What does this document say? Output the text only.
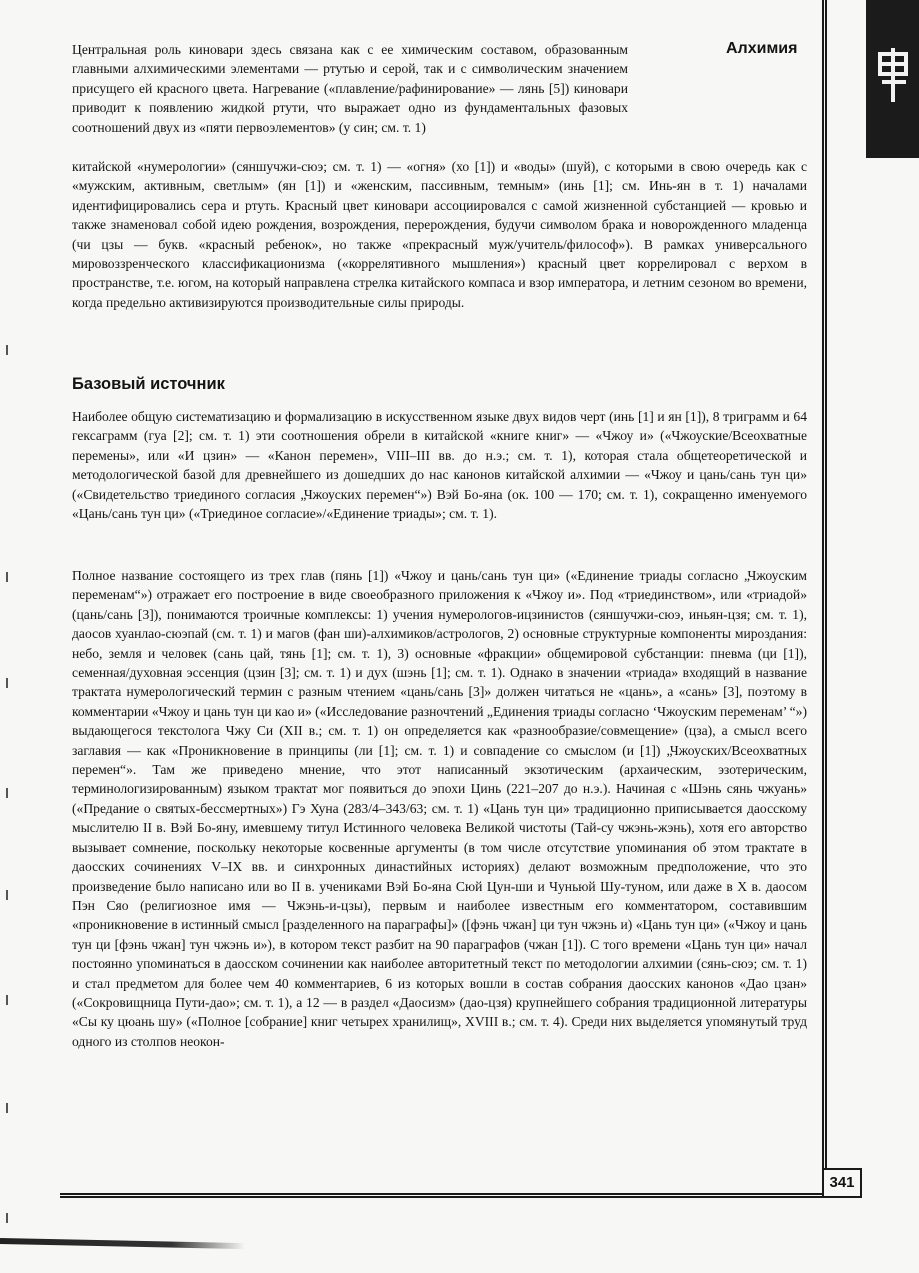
Алхимия

Центральная роль киновари здесь связана как с ее химическим составом, образованным главными алхимическими элементами — ртутью и серой, так и с символическим значением присущего ей красного цвета. Нагревание («плавление/рафинирование» — лянь [5]) киновари приводит к появлению жидкой ртути, что выражает одно из фундаментальных фазовых соотношений двух из «пяти первоэлементов» (у син; см. т. 1)

китайской «нумерологии» (сяншучжи-сюэ; см. т. 1) — «огня» (хо [1]) и «воды» (шуй), с которыми в свою очередь как с «мужским, активным, светлым» (ян [1]) и «женским, пассивным, темным» (инь [1]; см. Инь-ян в т. 1) началами идентифицировались сера и ртуть. Красный цвет киновари ассоциировался с самой жизненной субстанцией — кровью и также знаменовал собой идею рождения, возрождения, перерождения, будучи символом брака и новорожденного младенца (чи цзы — букв. «красный ребенок», но также «прекрасный муж/учитель/философ»). В рамках универсального мировоззренческого классификационизма («коррелятивного мышления») красный цвет коррелировал с верхом в пространстве, т.е. югом, на который направлена стрелка китайского компаса и взор императора, и летним сезоном во времени, когда предельно активизируются производительные силы природы.

Базовый источник

Наиболее общую систематизацию и формализацию в искусственном языке двух видов черт (инь [1] и ян [1]), 8 триграмм и 64 гексаграмм (гуа [2]; см. т. 1) эти соотношения обрели в китайской «книге книг» — «Чжоу и» («Чжоуские/Всеохватные перемены», или «И цзин» — «Канон перемен», VIII–III вв. до н.э.; см. т. 1), которая стала общетеоретической и методологической базой для древнейшего из дошедших до нас канонов китайской алхимии — «Чжоу и цань/сань тун ци» («Свидетельство триединого согласия „Чжоуских перемен“») Вэй Бо-яна (ок. 100 — 170; см. т. 1), сокращенно именуемого «Цань/сань тун ци» («Триединое согласие»/«Единение триады»; см. т. 1).

Полное название состоящего из трех глав (пянь [1]) «Чжоу и цань/сань тун ци» («Единение триады согласно „Чжоуским переменам“») отражает его построение в виде своеобразного приложения к «Чжоу и». Под «триединством», или «триадой» (цань/сань [3]), понимаются троичные комплексы: 1) учения нумерологов-ицзинистов (сяншучжи-сюэ, иньян-цзя; см. т. 1), даосов хуанлао-сюэпай (см. т. 1) и магов (фан ши)-алхимиков/астрологов, 2) основные структурные компоненты мироздания: небо, земля и человек (сань цай, тянь [1]; см. т. 1), 3) основные «фракции» общемировой субстанции: пневма (ци [1]), семенная/духовная эссенция (цзин [3]; см. т. 1) и дух (шэнь [1]; см. т. 1). Однако в значении «триада» входящий в название трактата нумерологический термин с разным чтением «цань/сань [3]» должен читаться не «цань», а «сань» [3], поэтому в комментарии «Чжоу и цань тун ци као и» («Исследование разночтений „Единения триады согласно ‘Чжоуским переменам’ “») выдающегося текстолога Чжу Си (XII в.; см. т. 1) он определяется как «разнообразие/совмещение» (цза), а смысл всего заглавия — как «Проникновение в принципы (ли [1]; см. т. 1) и совпадение со смыслом (и [1]) „Чжоуских/Всеохватных перемен“». Там же приведено мнение, что этот написанный экзотическим (архаическим, эзотерическим, терминологизированным) языком трактат мог появиться до эпохи Цинь (221–207 до н.э.). Начиная с «Шэнь сянь чжуань» («Предание о святых-бессмертных») Гэ Хуна (283/4–343/63; см. т. 1) «Цань тун ци» традиционно приписывается даосскому мыслителю II в. Вэй Бо-яну, имевшему титул Истинного человека Великой чистоты (Тай-су чжэнь-жэнь), хотя его авторство вызывает сомнение, поскольку некоторые косвенные аргументы (в том числе отсутствие упоминания об этом трактате в даосских сочинениях V–IX вв. и синхронных династийных историях) делают возможным предположение, что это произведение было написано или во II в. учениками Вэй Бо-яна Сюй Цун-ши и Чуньюй Шу-туном, или даже в X в. даосом Пэн Сяо (религиозное имя — Чжэнь-и-цзы), первым и наиболее известным его комментатором, составившим «проникновение в истинный смысл [разделенного на параграфы]» ([фэнь чжан] ци тун чжэнь и) «Цань тун ци» («Чжоу и цань тун ци [фэнь чжан] тун чжэнь и»), в котором текст разбит на 90 параграфов (чжан [1]). С того времени «Цань тун ци» начал постоянно упоминаться в даосском сочинении как наиболее авторитетный текст по методологии алхимии (сянь-сюэ; см. т. 1) и стал предметом для более чем 40 комментариев, 6 из которых вошли в состав собрания даосских канонов «Дао цзан» («Сокровищница Пути-дао»; см. т. 1), а 12 — в раздел «Даосизм» (дао-цзя) крупнейшего собрания традиционной литературы «Сы ку цюань шу» («Полное [собрание] книг четырех хранилищ», XVIII в.; см. т. 4). Среди них выделяется упомянутый труд одного из столпов неокон-

341
